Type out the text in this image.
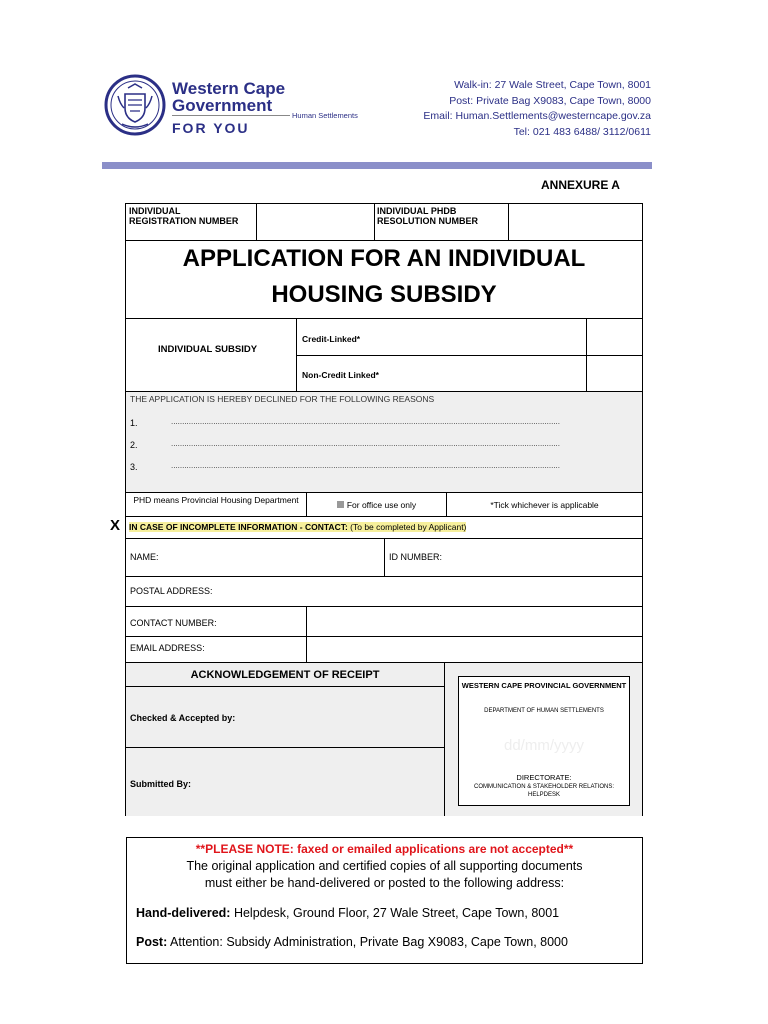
Western Cape
Government
FOR YOU
Human Settlements
Walk-in: 27 Wale Street, Cape Town, 8001
Post: Private Bag X9083, Cape Town, 8000
Email: Human.Settlements@westerncape.gov.za
Tel: 021 483 6488/ 3112/0611
ANNEXURE A
INDIVIDUAL REGISTRATION NUMBER
INDIVIDUAL PHDB RESOLUTION NUMBER
APPLICATION FOR AN INDIVIDUAL
HOUSING SUBSIDY
INDIVIDUAL SUBSIDY
Credit-Linked*
Non-Credit Linked*
THE APPLICATION IS HEREBY DECLINED FOR THE FOLLOWING REASONS
1.	...............................................................................................................................................................................
2.	...............................................................................................................................................................................
3.	...............................................................................................................................................................................
PHD means Provincial Housing Department	For office use only	*Tick whichever is applicable
IN CASE OF INCOMPLETE INFORMATION - CONTACT: (To be completed by Applicant)
NAME:	ID NUMBER:
POSTAL ADDRESS:
CONTACT NUMBER:
EMAIL ADDRESS:
ACKNOWLEDGEMENT OF RECEIPT
Checked & Accepted by:
Submitted By:
WESTERN CAPE PROVINCIAL GOVERNMENT
DEPARTMENT OF HUMAN SETTLEMENTS
dd/mm/yyyy
DIRECTORATE:
COMMUNICATION & STAKEHOLDER RELATIONS: HELPDESK
X
**PLEASE NOTE: faxed or emailed applications are not accepted**
The original application and certified copies of all supporting documents
must either be hand-delivered or posted to the following address:
Hand-delivered: Helpdesk, Ground Floor, 27 Wale Street, Cape Town, 8001
Post: Attention: Subsidy Administration, Private Bag X9083, Cape Town, 8000
